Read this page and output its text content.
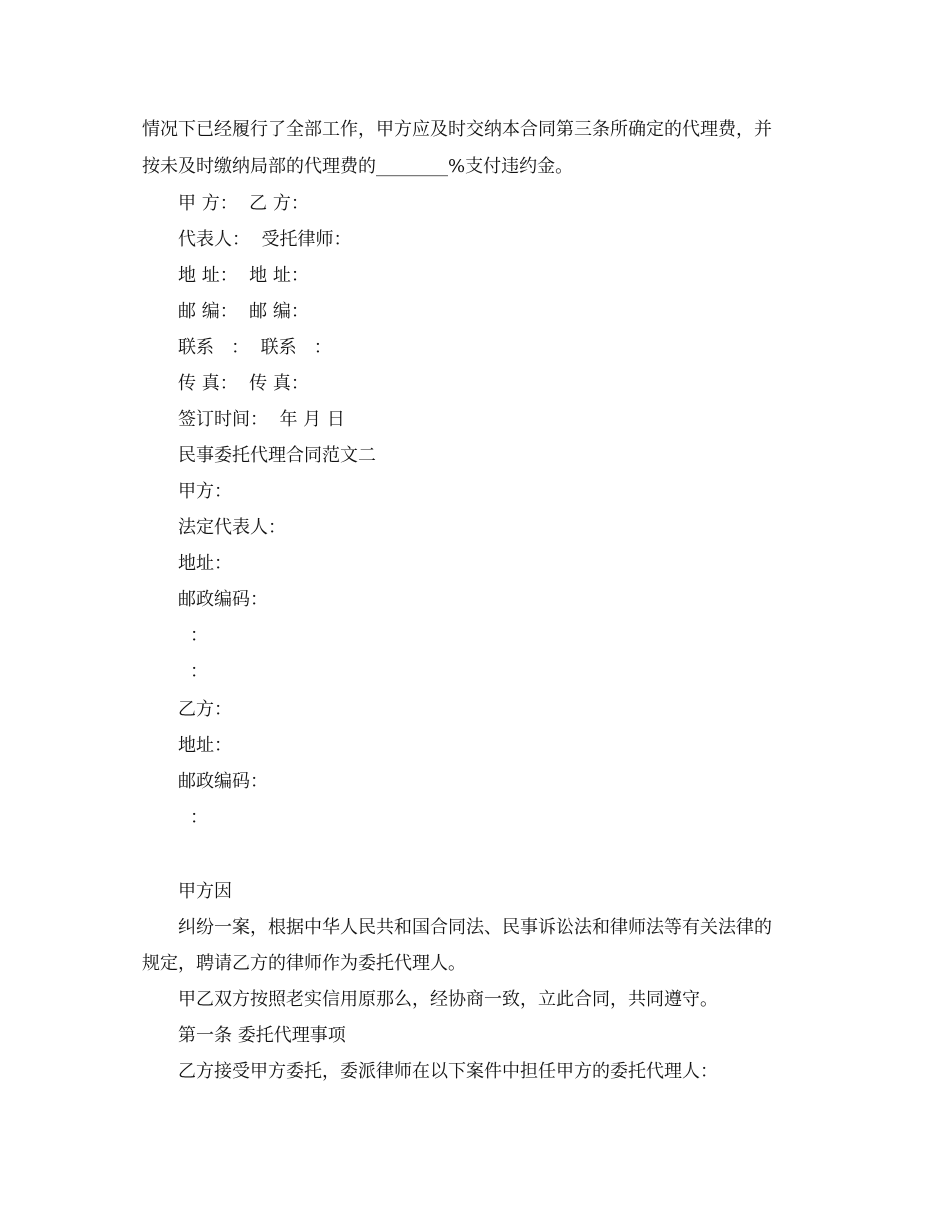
情况下已经履行了全部工作，甲方应及时交纳本合同第三条所确定的代理费，并
按未及时缴纳局部的代理费的________%支付违约金。
甲 方：  乙 方：
代表人：  受托律师：
地 址：  地 址：
邮 编：  邮 编：
联系   ：  联系   ：
传 真：  传 真：
签订时间：  年 月 日
民事委托代理合同范文二
甲方：
法定代表人：
地址：
邮政编码：
：
：
乙方：
地址：
邮政编码：
：
甲方因
纠纷一案，根据中华人民共和国合同法、民事诉讼法和律师法等有关法律的
规定，聘请乙方的律师作为委托代理人。
甲乙双方按照老实信用原那么，经协商一致，立此合同，共同遵守。
第一条 委托代理事项
乙方接受甲方委托，委派律师在以下案件中担任甲方的委托代理人：
